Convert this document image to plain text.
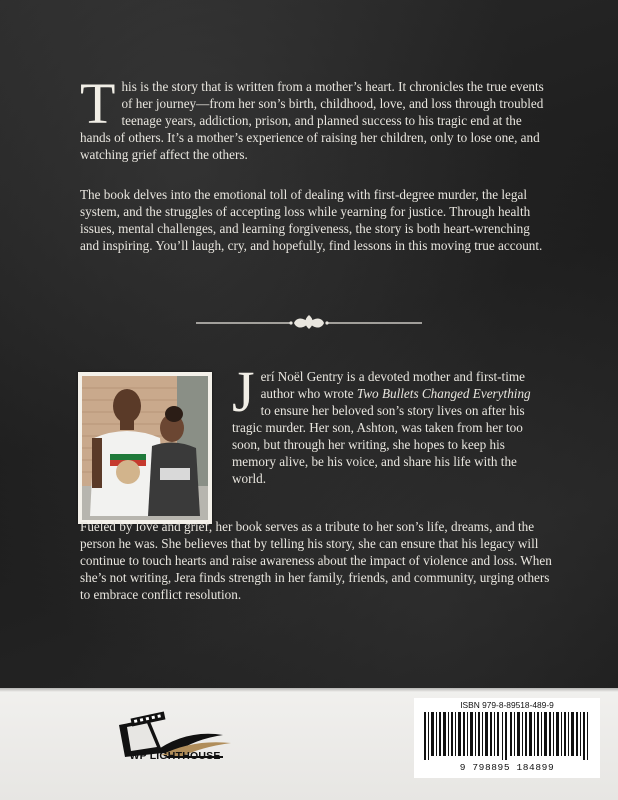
This is the story that is written from a mother’s heart. It chronicles the true events of her journey—from her son’s birth, childhood, love, and loss through troubled teenage years, addiction, prison, and planned success to his tragic end at the hands of others. It’s a mother’s experience of raising her children, only to lose one, and watching grief affect the others.

The book delves into the emotional toll of dealing with first-degree murder, the legal system, and the struggles of accepting loss while yearning for justice. Through health issues, mental challenges, and learning forgiveness, the story is both heart-wrenching and inspiring. You’ll laugh, cry, and hopefully, find lessons in this moving true account.

Jerí Noël Gentry is a devoted mother and first-time author who wrote Two Bullets Changed Everything to ensure her beloved son’s story lives on after his tragic murder. Her son, Ashton, was taken from her too soon, but through her writing, she hopes to keep his memory alive, be his voice, and share his life with the world.

Fueled by love and grief, her book serves as a tribute to her son’s life, dreams, and the person he was. She believes that by telling his story, she can ensure that his legacy will continue to touch hearts and raise awareness about the impact of violence and loss. When she’s not writing, Jera finds strength in her family, friends, and community, urging others to embrace conflict resolution.

WP LIGHTHOUSE
ISBN 979-8-89518-489-9
9 798895 184899
